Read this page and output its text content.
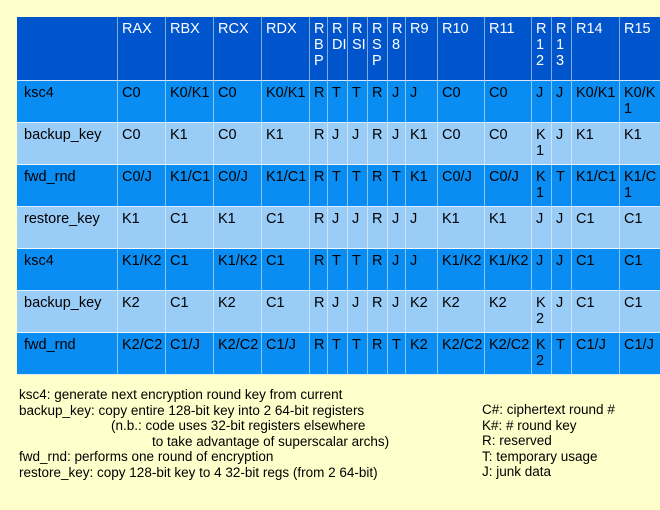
	RAX	RBX	RCX	RDX	RBP	RDI	RSI	RSP	R8	R9	R10	R11	R12	R13	R14	R15
ksc4	C0	K0/K1	C0	K0/K1	R	T	T	R	J	J	C0	C0	J	J	K0/K1	K0/K1
backup_key	C0	K1	C0	K1	R	J	J	R	J	K1	C0	C0	K1	J	K1	K1
fwd_rnd	C0/J	K1/C1	C0/J	K1/C1	R	T	T	R	T	K1	C0/J	C0/J	K1	T	K1/C1	K1/C1
restore_key	K1	C1	K1	C1	R	J	J	R	J	J	K1	K1	J	J	C1	C1
ksc4	K1/K2	C1	K1/K2	C1	R	T	T	R	J	J	K1/K2	K1/K2	J	J	C1	C1
backup_key	K2	C1	K2	C1	R	J	J	R	J	K2	K2	K2	K2	J	C1	C1
fwd_rnd	K2/C2	C1/J	K2/C2	C1/J	R	T	T	R	T	K2	K2/C2	K2/C2	K2	T	C1/J	C1/J
ksc4: generate next encryption round key from current
backup_key: copy entire 128-bit key into 2 64-bit registers
(n.b.: code uses 32-bit registers elsewhere
to take advantage of superscalar archs)
fwd_rnd: performs one round of encryption
restore_key: copy 128-bit key to 4 32-bit regs (from 2 64-bit)
C#: ciphertext round #
K#: # round key
R: reserved
T: temporary usage
J: junk data
